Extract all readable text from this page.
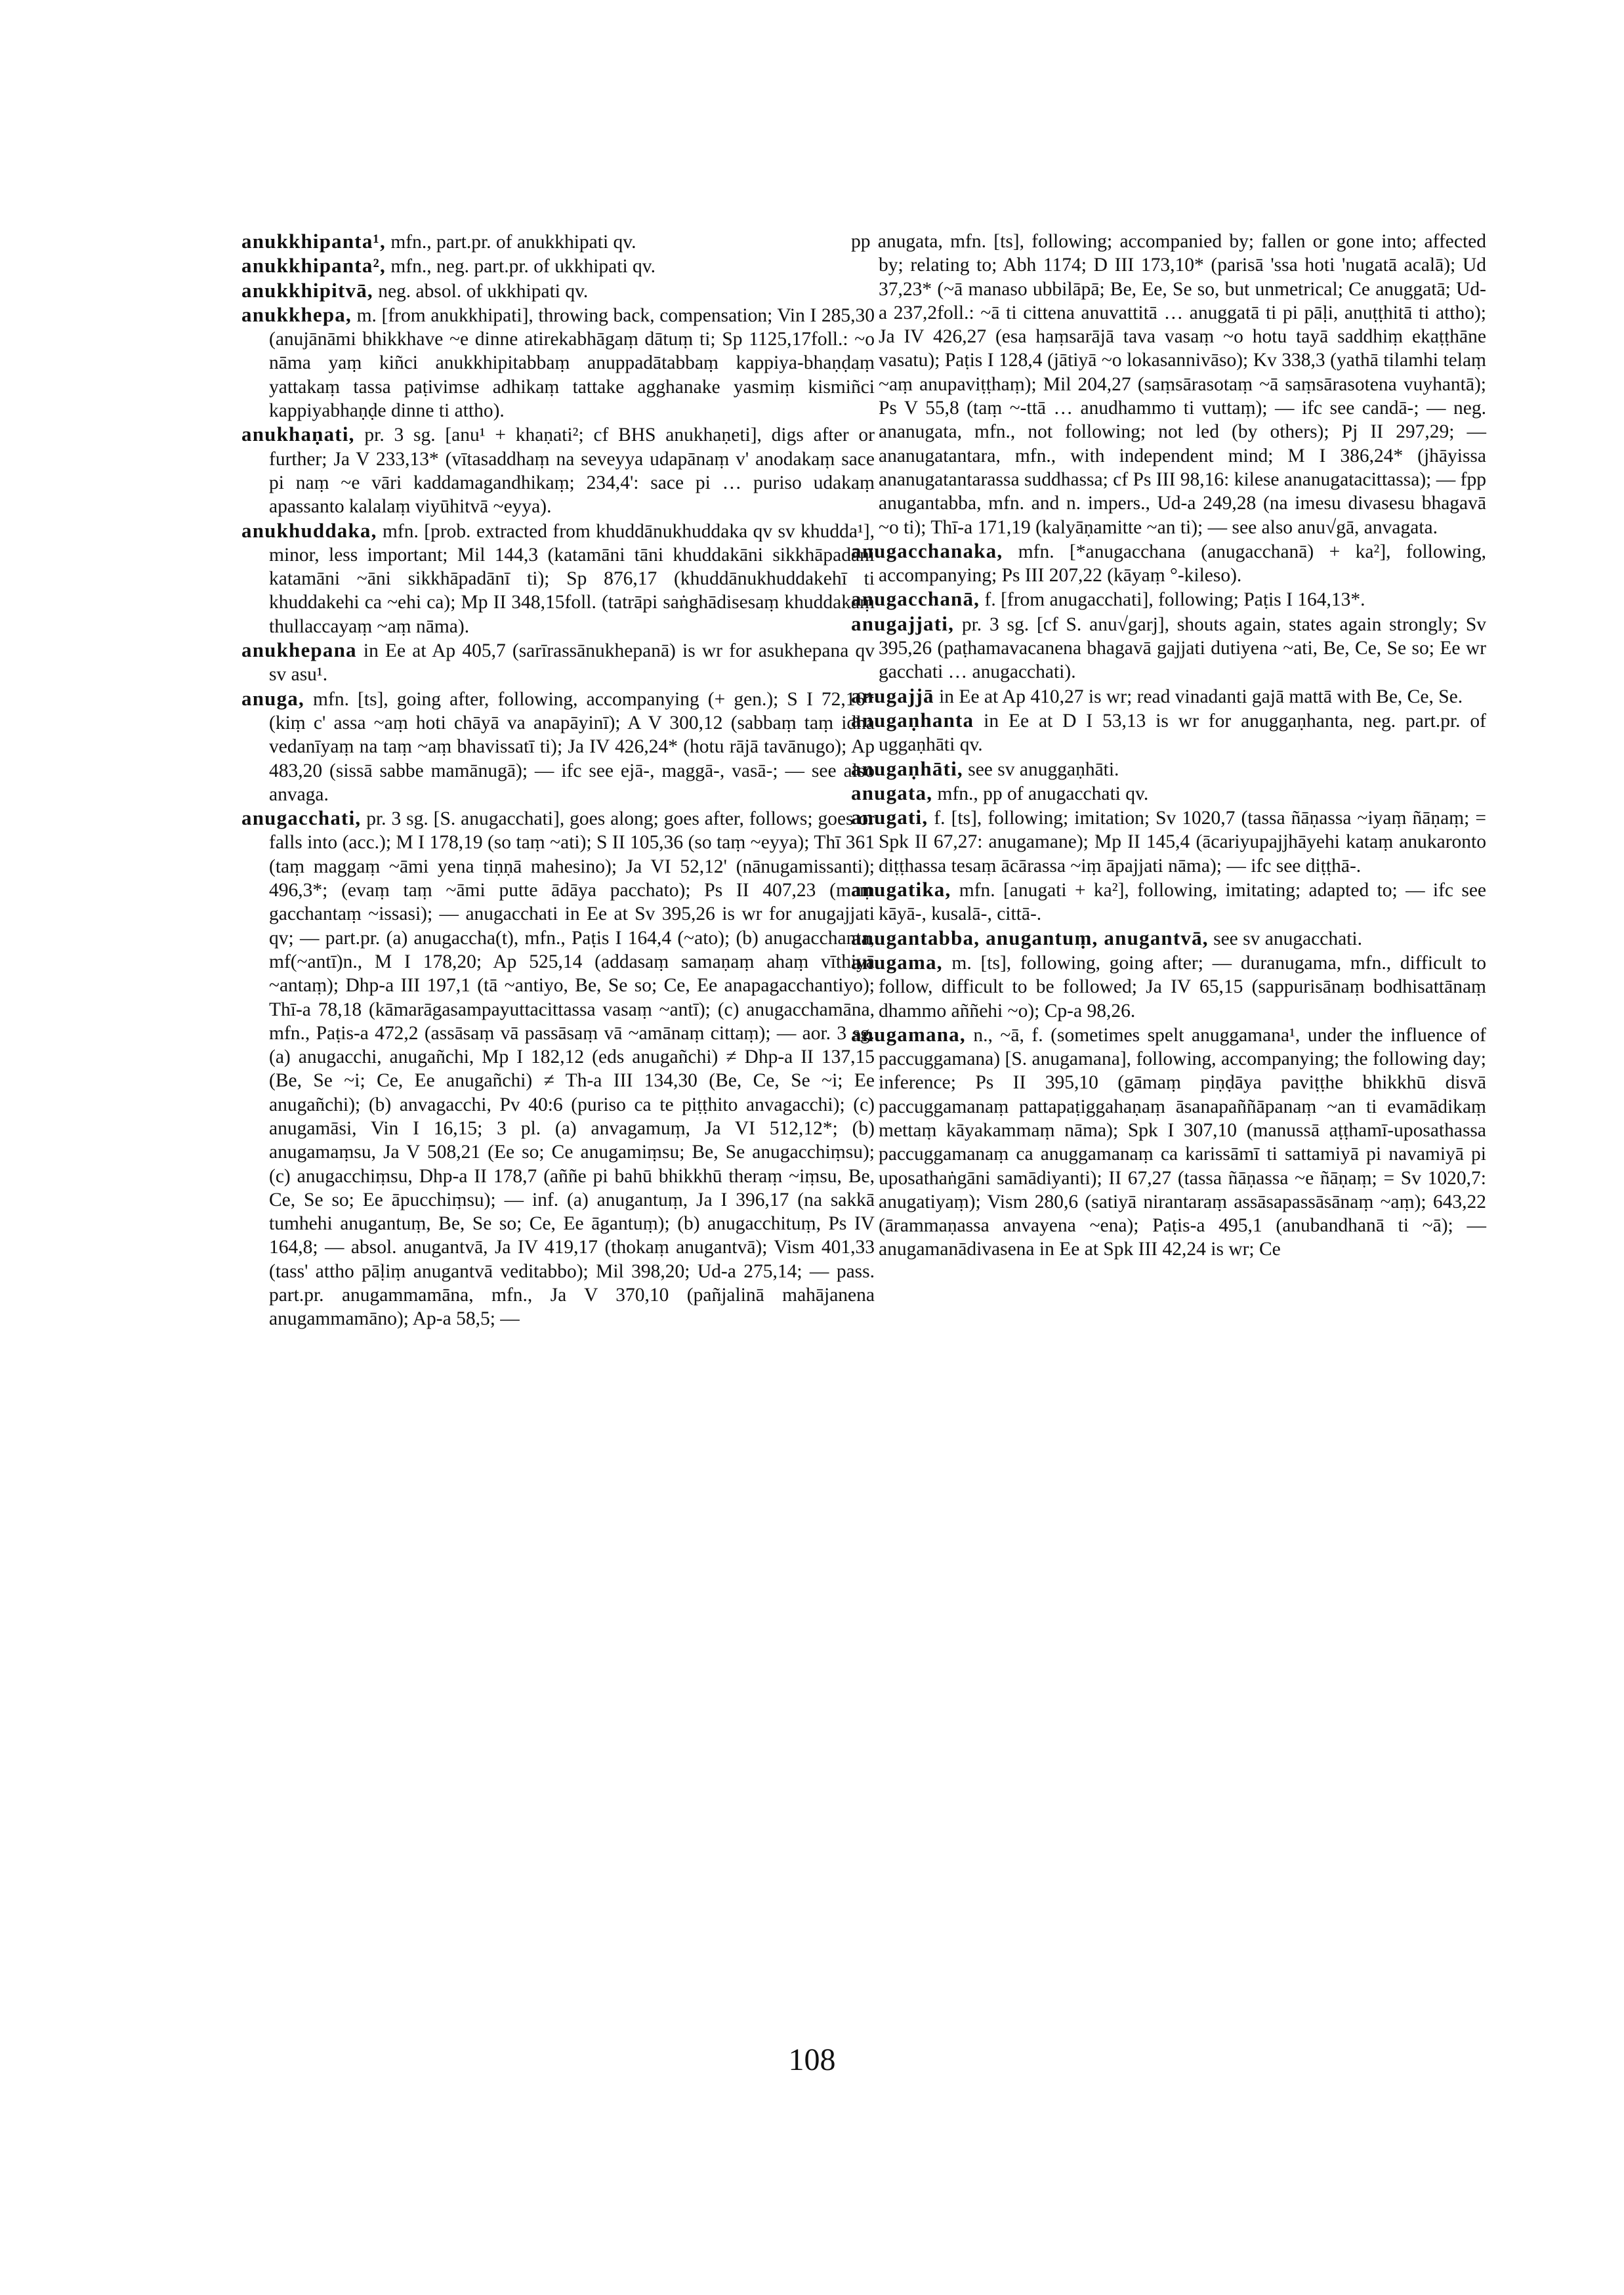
anukkhipanta¹, mfn., part.pr. of anukkhipati qv.

anukkhipanta², mfn., neg. part.pr. of ukkhipati qv.

anukkhipitvā, neg. absol. of ukkhipati qv.

anukkhepa, m. [from anukkhipati], throwing back, compensation; Vin I 285,30 (anujānāmi bhikkhave ~e dinne atirekabhāgaṃ dātuṃ ti; Sp 1125,17foll.: ~o nāma yaṃ kiñci anukkhipitabbaṃ anuppadātabbaṃ kappiya-bhaṇḍaṃ yattakaṃ tassa paṭivimse adhikaṃ tattake agghanake yasmiṃ kismiñci kappiyabhaṇḍe dinne ti attho).

anukhaṇati, pr. 3 sg. [anu¹ + khaṇati²; cf BHS anukhaṇeti], digs after or further; Ja V 233,13* (vītasaddhaṃ na seveyya udapānaṃ v' anodakaṃ sace pi naṃ ~e vāri kaddamagandhikaṃ; 234,4': sace pi … puriso udakaṃ apassanto kalalaṃ viyūhitvā ~eyya).

anukhuddaka, mfn. [prob. extracted from khuddānukhuddaka qv sv khudda¹], minor, less important; Mil 144,3 (katamāni tāni khuddakāni sikkhāpadāni katamāni ~āni sikkhāpadānī ti); Sp 876,17 (khuddānukhuddakehī ti khuddakehi ca ~ehi ca); Mp II 348,15foll. (tatrāpi saṅghādisesaṃ khuddakaṃ thullaccayaṃ ~aṃ nāma).

anukhepana in Ee at Ap 405,7 (sarīrassānukhepanā) is wr for asukhepana qv sv asu¹.

anuga, mfn. [ts], going after, following, accompanying (+ gen.); S I 72,16* (kiṃ c' assa ~aṃ hoti chāyā va anapāyinī); A V 300,12 (sabbaṃ taṃ idha vedanīyaṃ na taṃ ~aṃ bhavissatī ti); Ja IV 426,24* (hotu rājā tavānugo); Ap 483,20 (sissā sabbe mamānugā); — ifc see ejā-, maggā-, vasā-; — see also anvaga.

anugacchati, pr. 3 sg. [S. anugacchati], goes along; goes after, follows; goes or falls into (acc.); M I 178,19 (so taṃ ~ati); S II 105,36 (so taṃ ~eyya); Thī 361 (taṃ maggaṃ ~āmi yena tiṇṇā mahesino); Ja VI 52,12' (nānugamissanti); 496,3*; (evaṃ taṃ ~āmi putte ādāya pacchato); Ps II 407,23 (maṃ gacchantaṃ ~issasi); — anugacchati in Ee at Sv 395,26 is wr for anugajjati qv; — part.pr. (a) anugaccha(t), mfn., Paṭis I 164,4 (~ato); (b) anugacchanta, mf(~antī)n., M I 178,20; Ap 525,14 (addasaṃ samaṇaṃ ahaṃ vīthiyā ~antaṃ); Dhp-a III 197,1 (tā ~antiyo, Be, Se so; Ce, Ee anapagacchantiyo); Thī-a 78,18 (kāmarāgasampayuttacittassa vasaṃ ~antī); (c) anugacchamāna, mfn., Paṭis-a 472,2 (assāsaṃ vā passāsaṃ vā ~amānaṃ cittaṃ); — aor. 3 sg. (a) anugacchi, anugañchi, Mp I 182,12 (eds anugañchi) ≠ Dhp-a II 137,15 (Be, Se ~i; Ce, Ee anugañchi) ≠ Th-a III 134,30 (Be, Ce, Se ~i; Ee anugañchi); (b) anvagacchi, Pv 40:6 (puriso ca te piṭṭhito anvagacchi); (c) anugamāsi, Vin I 16,15; 3 pl. (a) anvagamuṃ, Ja VI 512,12*; (b) anugamaṃsu, Ja V 508,21 (Ee so; Ce anugamiṃsu; Be, Se anugacchiṃsu); (c) anugacchiṃsu, Dhp-a II 178,7 (aññe pi bahū bhikkhū theraṃ ~iṃsu, Be, Ce, Se so; Ee āpucchiṃsu); — inf. (a) anugantuṃ, Ja I 396,17 (na sakkā tumhehi anugantuṃ, Be, Se so; Ce, Ee āgantuṃ); (b) anugacchituṃ, Ps IV 164,8; — absol. anugantvā, Ja IV 419,17 (thokaṃ anugantvā); Vism 401,33 (tass' attho pāḷiṃ anugantvā veditabbo); Mil 398,20; Ud-a 275,14; — pass. part.pr. anugammamāna, mfn., Ja V 370,10 (pañjalinā mahājanena anugammamāno); Ap-a 58,5; —

pp anugata, mfn. [ts], following; accompanied by; fallen or gone into; affected by; relating to; Abh 1174; D III 173,10* (parisā 'ssa hoti 'nugatā acalā); Ud 37,23* (~ā manaso ubbilāpā; Be, Ee, Se so, but unmetrical; Ce anuggatā; Ud-a 237,2foll.: ~ā ti cittena anuvattitā … anuggatā ti pi pāḷi, anuṭṭhitā ti attho); Ja IV 426,27 (esa haṃsarājā tava vasaṃ ~o hotu tayā saddhiṃ ekaṭṭhāne vasatu); Paṭis I 128,4 (jātiyā ~o lokasannivāso); Kv 338,3 (yathā tilamhi telaṃ ~aṃ anupaviṭṭhaṃ); Mil 204,27 (saṃsārasotaṃ ~ā saṃsārasotena vuyhantā); Ps V 55,8 (taṃ ~-ttā … anudhammo ti vuttaṃ); — ifc see candā-; — neg. ananugata, mfn., not following; not led (by others); Pj II 297,29; — ananugatantara, mfn., with independent mind; M I 386,24* (jhāyissa ananugatantarassa suddhassa; cf Ps III 98,16: kilese ananugatacittassa); — fpp anugantabba, mfn. and n. impers., Ud-a 249,28 (na imesu divasesu bhagavā ~o ti); Thī-a 171,19 (kalyāṇamitte ~an ti); — see also anu√gā, anvagata.

anugacchanaka, mfn. [*anugacchana (anugacchanā) + ka²], following, accompanying; Ps III 207,22 (kāyaṃ °-kileso).

anugacchanā, f. [from anugacchati], following; Paṭis I 164,13*.

anugajjati, pr. 3 sg. [cf S. anu√garj], shouts again, states again strongly; Sv 395,26 (paṭhamavacanena bhagavā gajjati dutiyena ~ati, Be, Ce, Se so; Ee wr gacchati … anugacchati).

anugajjā in Ee at Ap 410,27 is wr; read vinadanti gajā mattā with Be, Ce, Se.

anugaṇhanta in Ee at D I 53,13 is wr for anuggaṇhanta, neg. part.pr. of uggaṇhāti qv.

anugaṇhāti, see sv anuggaṇhāti.

anugata, mfn., pp of anugacchati qv.

anugati, f. [ts], following; imitation; Sv 1020,7 (tassa ñāṇassa ~iyaṃ ñāṇaṃ; = Spk II 67,27: anugamane); Mp II 145,4 (ācariyupajjhāyehi kataṃ anukaronto diṭṭhassa tesaṃ ācārassa ~iṃ āpajjati nāma); — ifc see diṭṭhā-.

anugatika, mfn. [anugati + ka²], following, imitating; adapted to; — ifc see kāyā-, kusalā-, cittā-.

anugantabba, anugantuṃ, anugantvā, see sv anugacchati.

anugama, m. [ts], following, going after; — duranugama, mfn., difficult to follow, difficult to be followed; Ja IV 65,15 (sappurisānaṃ bodhisattānaṃ dhammo aññehi ~o); Cp-a 98,26.

anugamana, n., ~ā, f. (sometimes spelt anuggamana¹, under the influence of paccuggamana) [S. anugamana], following, accompanying; the following day; inference; Ps II 395,10 (gāmaṃ piṇḍāya paviṭṭhe bhikkhū disvā paccuggamanaṃ pattapaṭiggahaṇaṃ āsanapaññāpanaṃ ~an ti evamādikaṃ mettaṃ kāyakammaṃ nāma); Spk I 307,10 (manussā aṭṭhamī-uposathassa paccuggamanaṃ ca anuggamanaṃ ca karissāmī ti sattamiyā pi navamiyā pi uposathaṅgāni samādiyanti); II 67,27 (tassa ñāṇassa ~e ñāṇaṃ; = Sv 1020,7: anugatiyaṃ); Vism 280,6 (satiyā nirantaraṃ assāsapassāsānaṃ ~aṃ); 643,22 (ārammaṇassa anvayena ~ena); Paṭis-a 495,1 (anubandhanā ti ~ā); — anugamanādivasena in Ee at Spk III 42,24 is wr; Ce

108
